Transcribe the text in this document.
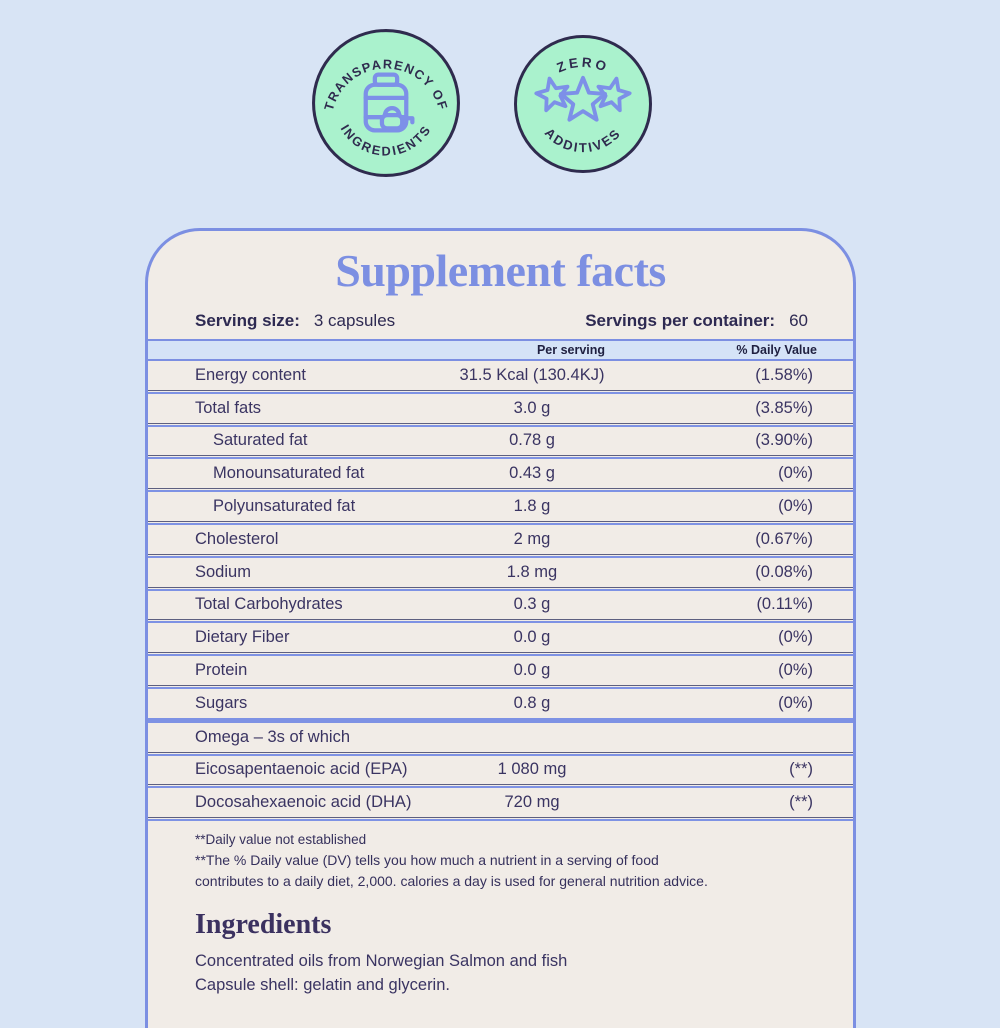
TRANSPARENCY OF
INGREDIENTS
ZERO
ADDITIVES
Supplement facts
Serving size: 3 capsules	Servings per container: 60
Per serving	% Daily Value
Energy content	31.5 Kcal (130.4KJ)	(1.58%)
Total fats	3.0 g	(3.85%)
Saturated fat	0.78 g	(3.90%)
Monounsaturated fat	0.43 g	(0%)
Polyunsaturated fat	1.8 g	(0%)
Cholesterol	2 mg	(0.67%)
Sodium	1.8 mg	(0.08%)
Total Carbohydrates	0.3 g	(0.11%)
Dietary Fiber	0.0 g	(0%)
Protein	0.0 g	(0%)
Sugars	0.8 g	(0%)
Omega – 3s of which
Eicosapentaenoic acid (EPA)	1 080 mg	(**)
Docosahexaenoic acid (DHA)	720 mg	(**)

**Daily value not established

**The % Daily value (DV) tells you how much a nutrient in a serving of food contributes to a daily diet, 2,000. calories a day is used for general nutrition advice.

Ingredients
Concentrated oils from Norwegian Salmon and fish
Capsule shell: gelatin and glycerin.
